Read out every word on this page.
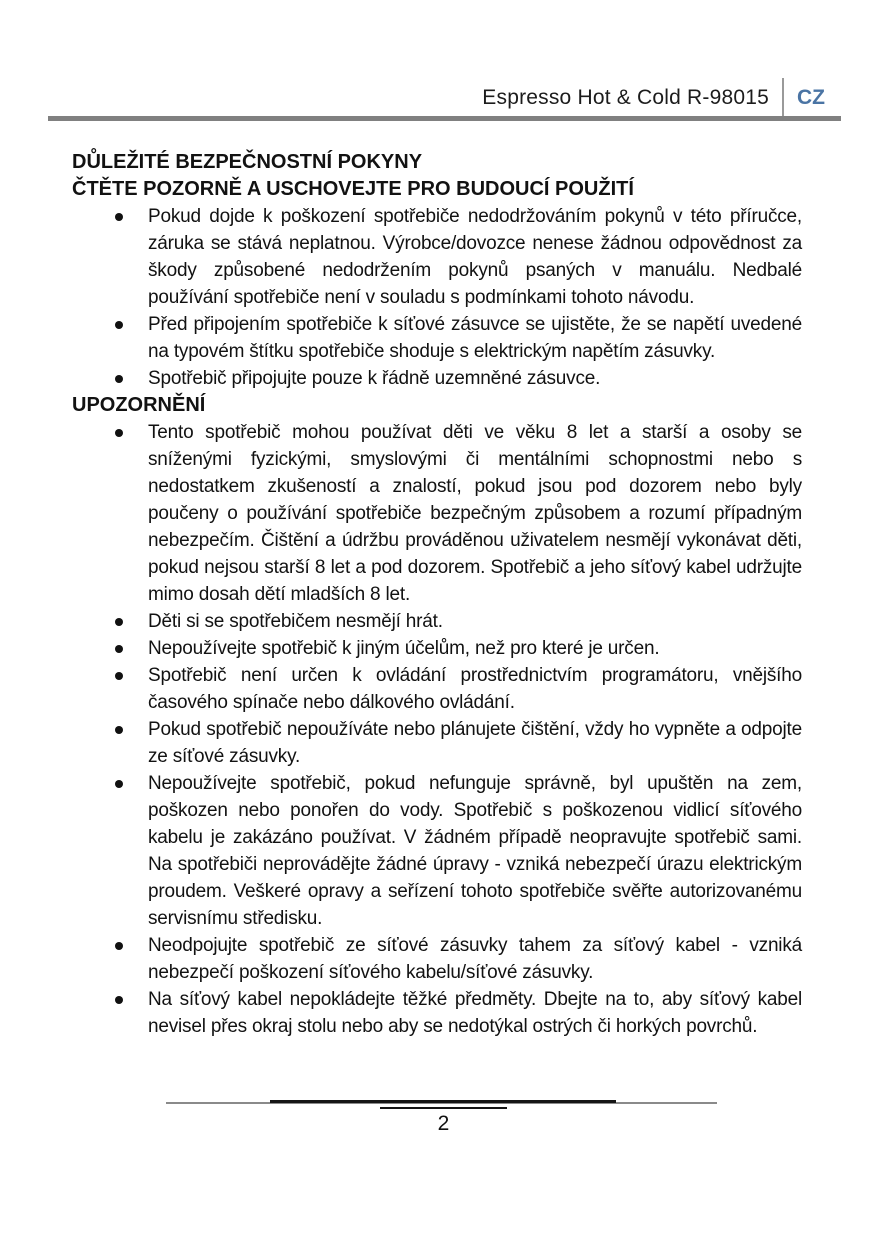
Espresso Hot & Cold R-98015 CZ
DŮLEŽITÉ BEZPEČNOSTNÍ POKYNY
ČTĚTE POZORNĚ A USCHOVEJTE PRO BUDOUCÍ POUŽITÍ
Pokud dojde k poškození spotřebiče nedodržováním pokynů v této příručce, záruka se stává neplatnou. Výrobce/dovozce nenese žádnou odpovědnost za škody způsobené nedodržením pokynů psaných v manuálu. Nedbalé používání spotřebiče není v souladu s podmínkami tohoto návodu.
Před připojením spotřebiče k síťové zásuvce se ujistěte, že se napětí uvedené na typovém štítku spotřebiče shoduje s elektrickým napětím zásuvky.
Spotřebič připojujte pouze k řádně uzemněné zásuvce.
UPOZORNĚNÍ
Tento spotřebič mohou používat děti ve věku 8 let a starší a osoby se sníženými fyzickými, smyslovými či mentálními schopnostmi nebo s nedostatkem zkušeností a znalostí, pokud jsou pod dozorem nebo byly poučeny o používání spotřebiče bezpečným způsobem a rozumí případným nebezpečím. Čištění a údržbu prováděnou uživatelem nesmějí vykonávat děti, pokud nejsou starší 8 let a pod dozorem. Spotřebič a jeho síťový kabel udržujte mimo dosah dětí mladších 8 let.
Děti si se spotřebičem nesmějí hrát.
Nepoužívejte spotřebič k jiným účelům, než pro které je určen.
Spotřebič není určen k ovládání prostřednictvím programátoru, vnějšího časového spínače nebo dálkového ovládání.
Pokud spotřebič nepoužíváte nebo plánujete čištění, vždy ho vypněte a odpojte ze síťové zásuvky.
Nepoužívejte spotřebič, pokud nefunguje správně, byl upuštěn na zem, poškozen nebo ponořen do vody. Spotřebič s poškozenou vidlicí síťového kabelu je zakázáno používat. V žádném případě neopravujte spotřebič sami. Na spotřebiči neprovádějte žádné úpravy - vzniká nebezpečí úrazu elektrickým proudem. Veškeré opravy a seřízení tohoto spotřebiče svěřte autorizovanému servisnímu středisku.
Neodpojujte spotřebič ze síťové zásuvky tahem za síťový kabel - vzniká nebezpečí poškození síťového kabelu/síťové zásuvky.
Na síťový kabel nepokládejte těžké předměty. Dbejte na to, aby síťový kabel nevisel přes okraj stolu nebo aby se nedotýkal ostrých či horkých povrchů.
2
